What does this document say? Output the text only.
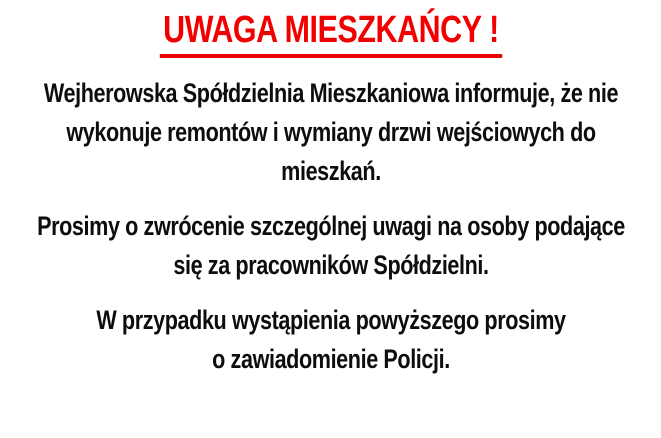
UWAGA MIESZKAŃCY !
Wejherowska Spółdzielnia Mieszkaniowa informuje, że nie
wykonuje remontów i wymiany drzwi wejściowych do
mieszkań.
Prosimy o zwrócenie szczególnej uwagi na osoby podające
się za pracowników Spółdzielni.
W przypadku wystąpienia powyższego prosimy
o zawiadomienie Policji.
